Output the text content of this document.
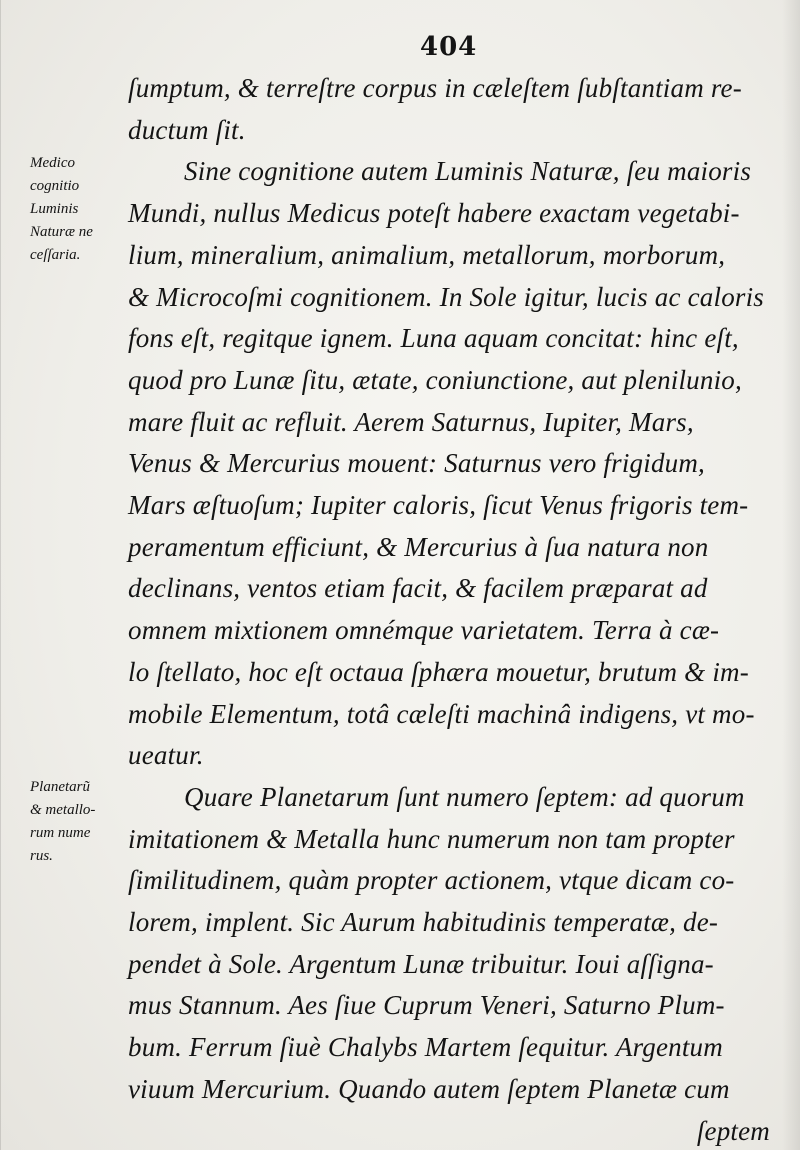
404
Medico
cognitio
Luminis
Naturæ ne
ceſſaria.
Planetarũ
& metallo-
rum nume
rus.
ſumptum, & terreſtre corpus in cæleſtem ſubſtantiam re-
ductum ſit.
Sine cognitione autem Luminis Naturæ, ſeu maioris
Mundi, nullus Medicus poteſt habere exactam vegetabi-
lium, mineralium, animalium, metallorum, morborum,
& Microcoſmi cognitionem. In Sole igitur, lucis ac caloris
fons eſt, regitque ignem. Luna aquam concitat: hinc eſt,
quod pro Lunæ ſitu, ætate, coniunctione, aut plenilunio,
mare fluit ac refluit. Aerem Saturnus, Iupiter, Mars,
Venus & Mercurius mouent: Saturnus vero frigidum,
Mars æſtuoſum; Iupiter caloris, ſicut Venus frigoris tem-
peramentum efficiunt, & Mercurius à ſua natura non
declinans, ventos etiam facit, & facilem præparat ad
omnem mixtionem omnémque varietatem. Terra à cæ-
lo ſtellato, hoc eſt octaua ſphæra mouetur, brutum & im-
mobile Elementum, totâ cæleſti machinâ indigens, vt mo-
ueatur.
Quare Planetarum ſunt numero ſeptem: ad quorum
imitationem & Metalla hunc numerum non tam propter
ſimilitudinem, quàm propter actionem, vtque dicam co-
lorem, implent. Sic Aurum habitudinis temperatæ, de-
pendet à Sole. Argentum Lunæ tribuitur. Ioui aſſigna-
mus Stannum. Aes ſiue Cuprum Veneri, Saturno Plum-
bum. Ferrum ſiuè Chalybs Martem ſequitur. Argentum
viuum Mercurium. Quando autem ſeptem Planetæ cum
ſeptem
